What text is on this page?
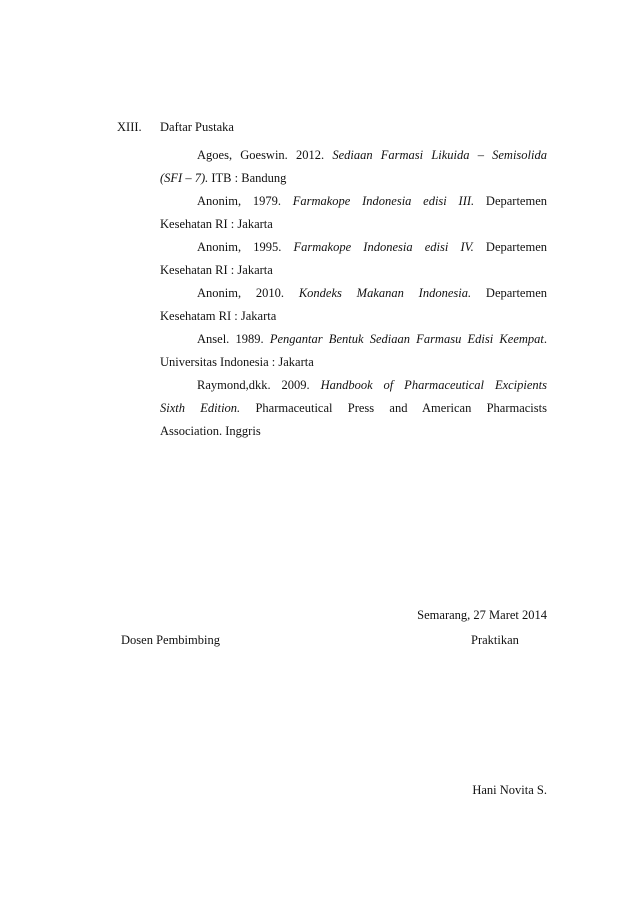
XIII. Daftar Pustaka
Agoes, Goeswin. 2012. Sediaan Farmasi Likuida – Semisolida
(SFI – 7). ITB : Bandung
Anonim, 1979. Farmakope Indonesia edisi III. Departemen
Kesehatan RI : Jakarta
Anonim, 1995. Farmakope Indonesia edisi IV. Departemen
Kesehatan RI : Jakarta
Anonim, 2010. Kondeks Makanan Indonesia. Departemen
Kesehatam RI : Jakarta
Ansel. 1989. Pengantar Bentuk Sediaan Farmasu Edisi Keempat.
Universitas Indonesia : Jakarta
Raymond,dkk. 2009. Handbook of Pharmaceutical Excipients
Sixth Edition. Pharmaceutical Press and American Pharmacists
Association. Inggris
Semarang, 27 Maret 2014
Dosen Pembimbing	Praktikan
Hani Novita S.
